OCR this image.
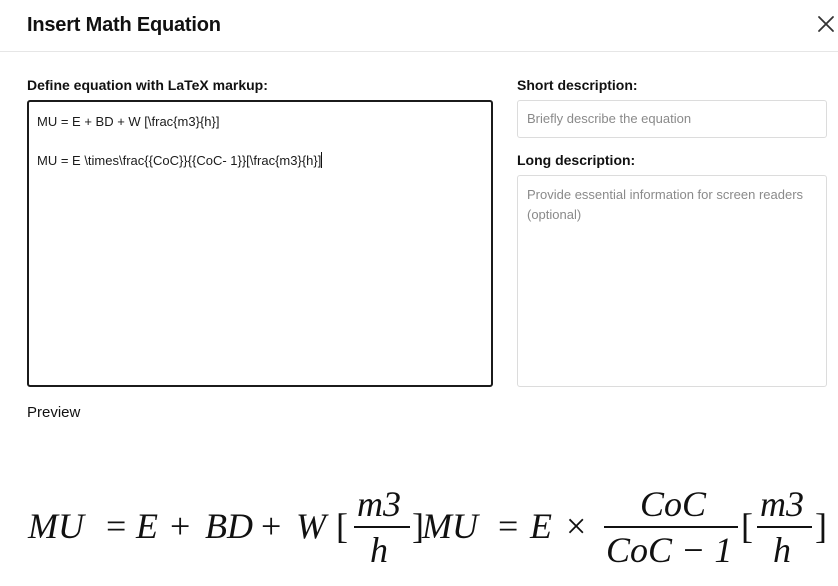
Insert Math Equation
Define equation with LaTeX markup:
MU = E + BD + W [\frac{m3}{h}]
MU = E \times\frac{{CoC}}{{CoC- 1}}[\frac{m3}{h}]
Short description:
Briefly describe the equation
Long description:
Provide essential information for screen readers (optional)
Preview
MU = E + BD + W [
m3
h
]
MU = E ×
CoC
CoC − 1
[
m3
h
]
